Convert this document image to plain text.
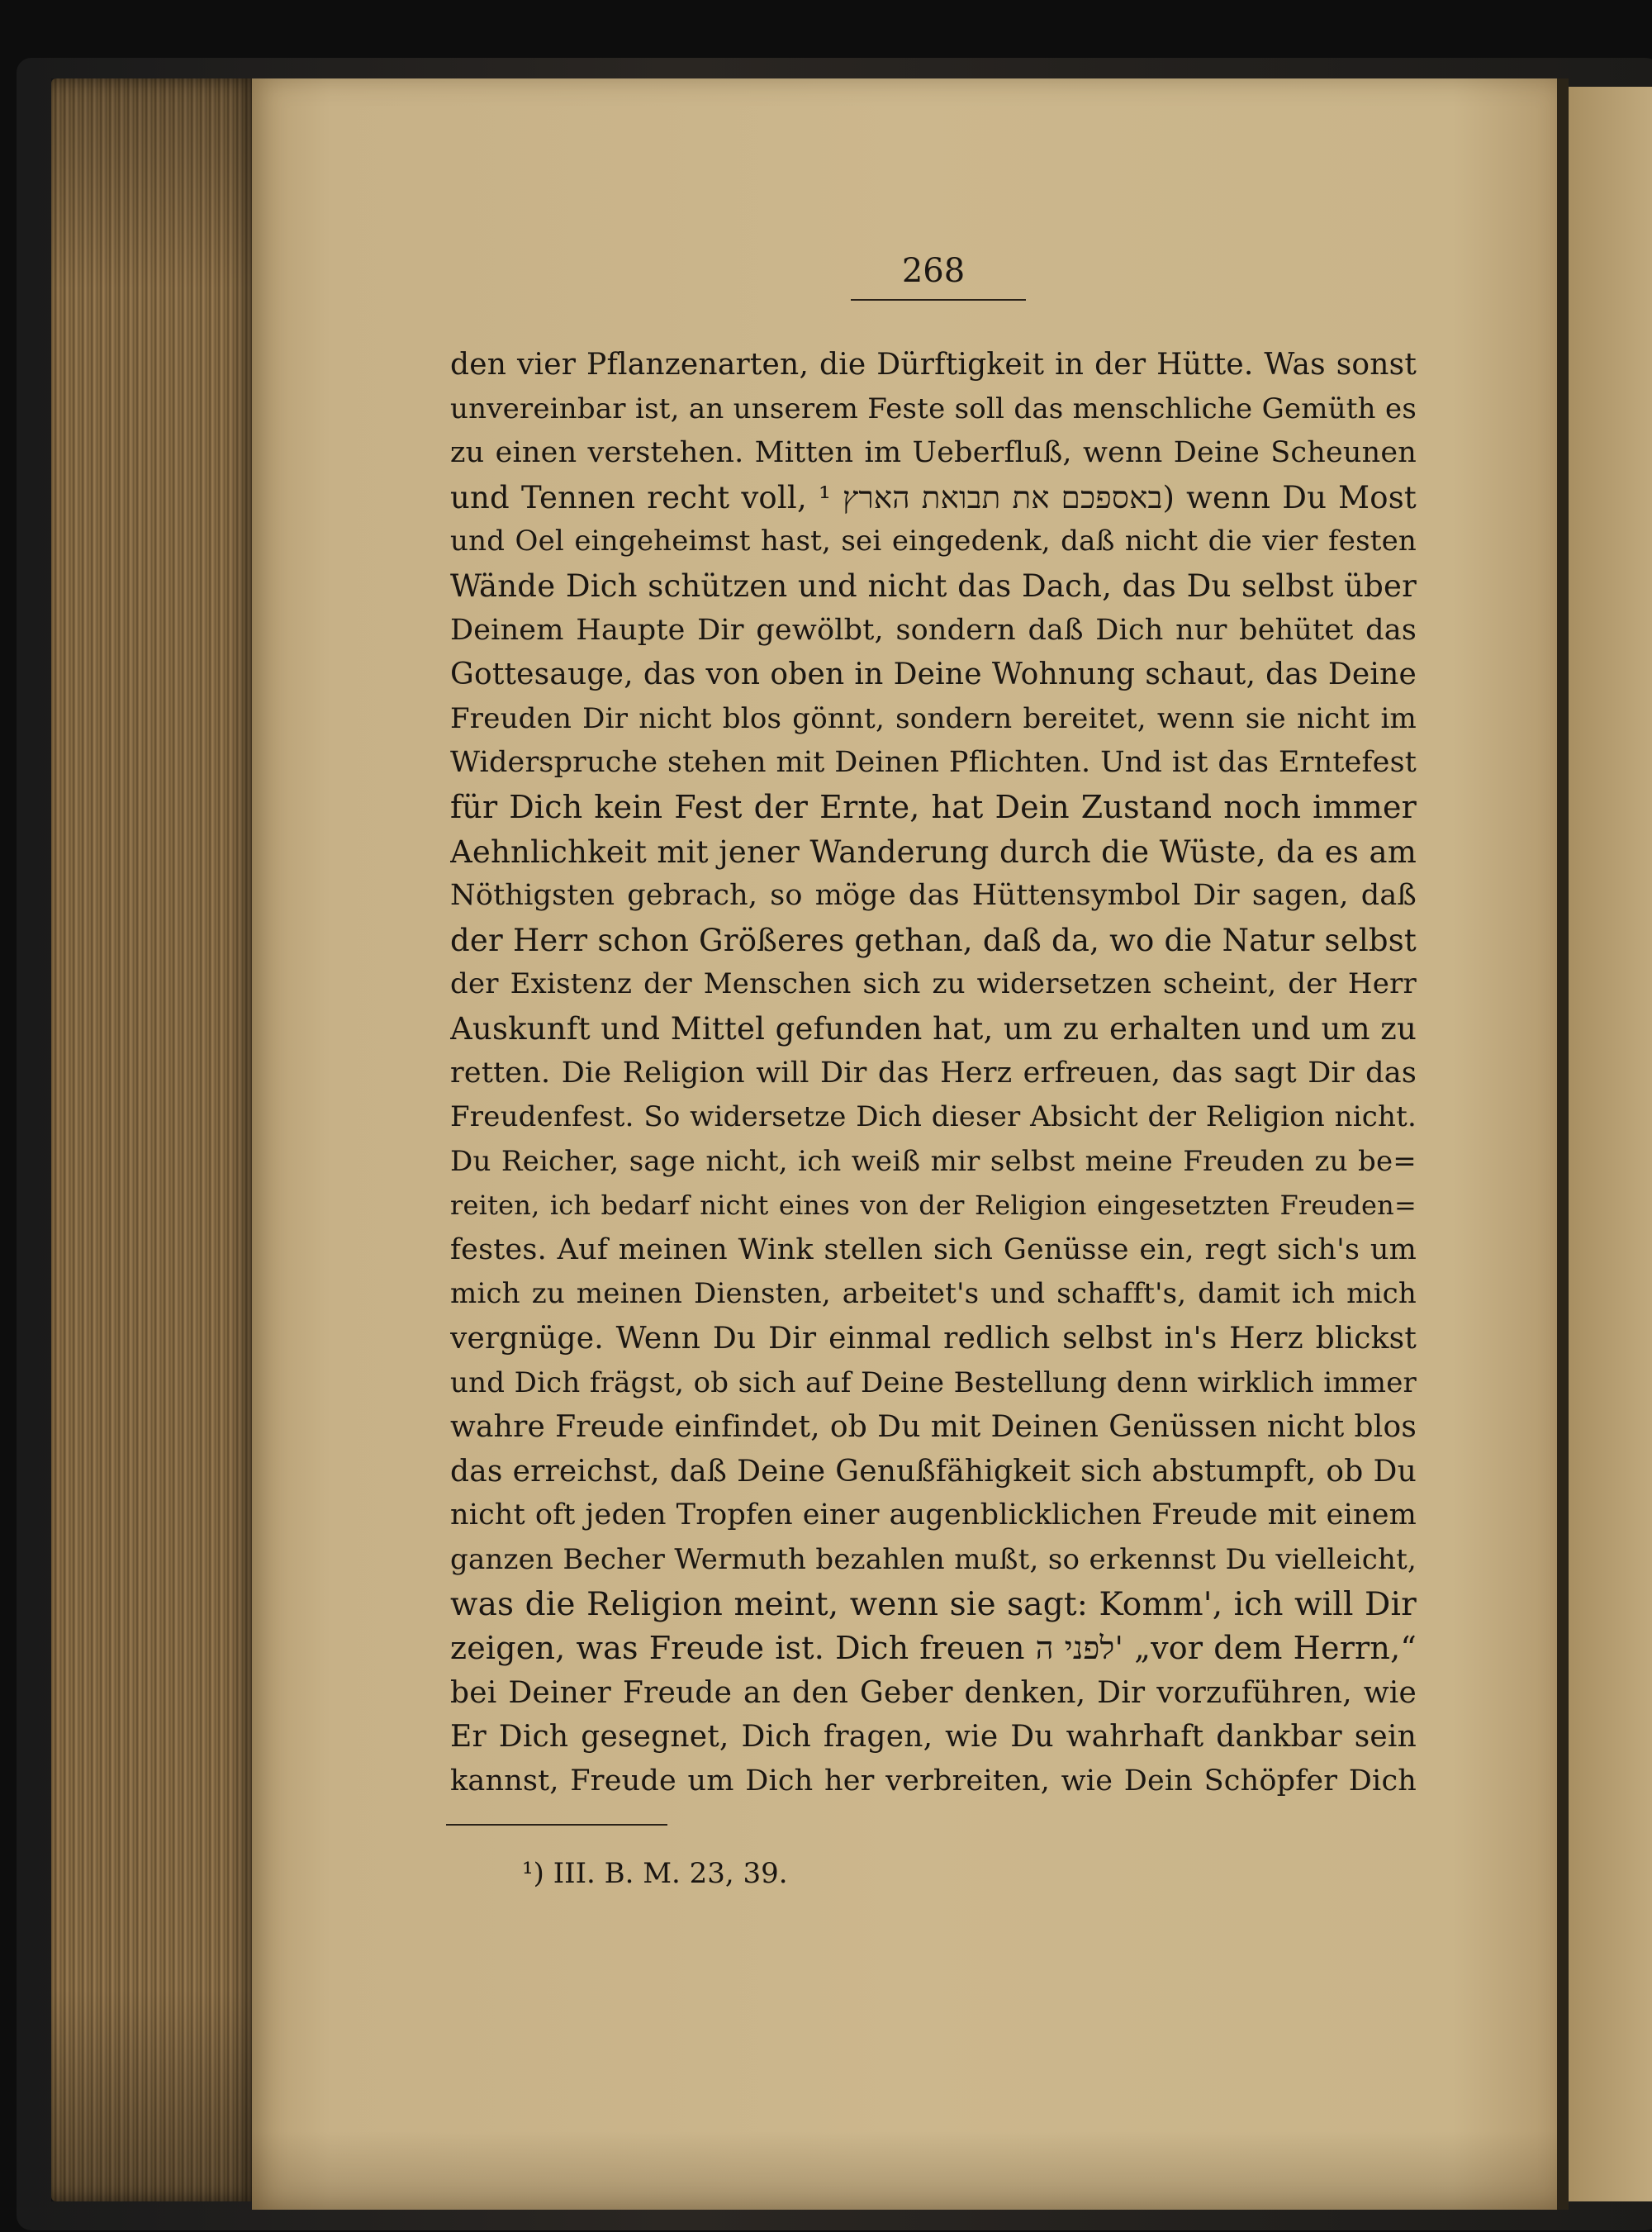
268
den vier Pflanzenarten, die Dürftigkeit in der Hütte. Was sonst
unvereinbar ist, an unserem Feste soll das menschliche Gemüth es
zu einen verstehen. Mitten im Ueberfluß, wenn Deine Scheunen
und Tennen recht voll, באספכם את תבואת הארץ ¹) wenn Du Most
und Oel eingeheimst hast, sei eingedenk, daß nicht die vier festen
Wände Dich schützen und nicht das Dach, das Du selbst über
Deinem Haupte Dir gewölbt, sondern daß Dich nur behütet das
Gottesauge, das von oben in Deine Wohnung schaut, das Deine
Freuden Dir nicht blos gönnt, sondern bereitet, wenn sie nicht im
Widerspruche stehen mit Deinen Pflichten. Und ist das Erntefest
für Dich kein Fest der Ernte, hat Dein Zustand noch immer
Aehnlichkeit mit jener Wanderung durch die Wüste, da es am
Nöthigsten gebrach, so möge das Hüttensymbol Dir sagen, daß
der Herr schon Größeres gethan, daß da, wo die Natur selbst
der Existenz der Menschen sich zu widersetzen scheint, der Herr
Auskunft und Mittel gefunden hat, um zu erhalten und um zu
retten. Die Religion will Dir das Herz erfreuen, das sagt Dir das
Freudenfest. So widersetze Dich dieser Absicht der Religion nicht.
Du Reicher, sage nicht, ich weiß mir selbst meine Freuden zu be=
reiten, ich bedarf nicht eines von der Religion eingesetzten Freuden=
festes. Auf meinen Wink stellen sich Genüsse ein, regt sich's um
mich zu meinen Diensten, arbeitet's und schafft's, damit ich mich
vergnüge. Wenn Du Dir einmal redlich selbst in's Herz blickst
und Dich frägst, ob sich auf Deine Bestellung denn wirklich immer
wahre Freude einfindet, ob Du mit Deinen Genüssen nicht blos
das erreichst, daß Deine Genußfähigkeit sich abstumpft, ob Du
nicht oft jeden Tropfen einer augenblicklichen Freude mit einem
ganzen Becher Wermuth bezahlen mußt, so erkennst Du vielleicht,
was die Religion meint, wenn sie sagt: Komm', ich will Dir
zeigen, was Freude ist. Dich freuen לפני ה' „vor dem Herrn,“
bei Deiner Freude an den Geber denken, Dir vorzuführen, wie
Er Dich gesegnet, Dich fragen, wie Du wahrhaft dankbar sein
kannst, Freude um Dich her verbreiten, wie Dein Schöpfer Dich
¹) III. B. M. 23, 39.
